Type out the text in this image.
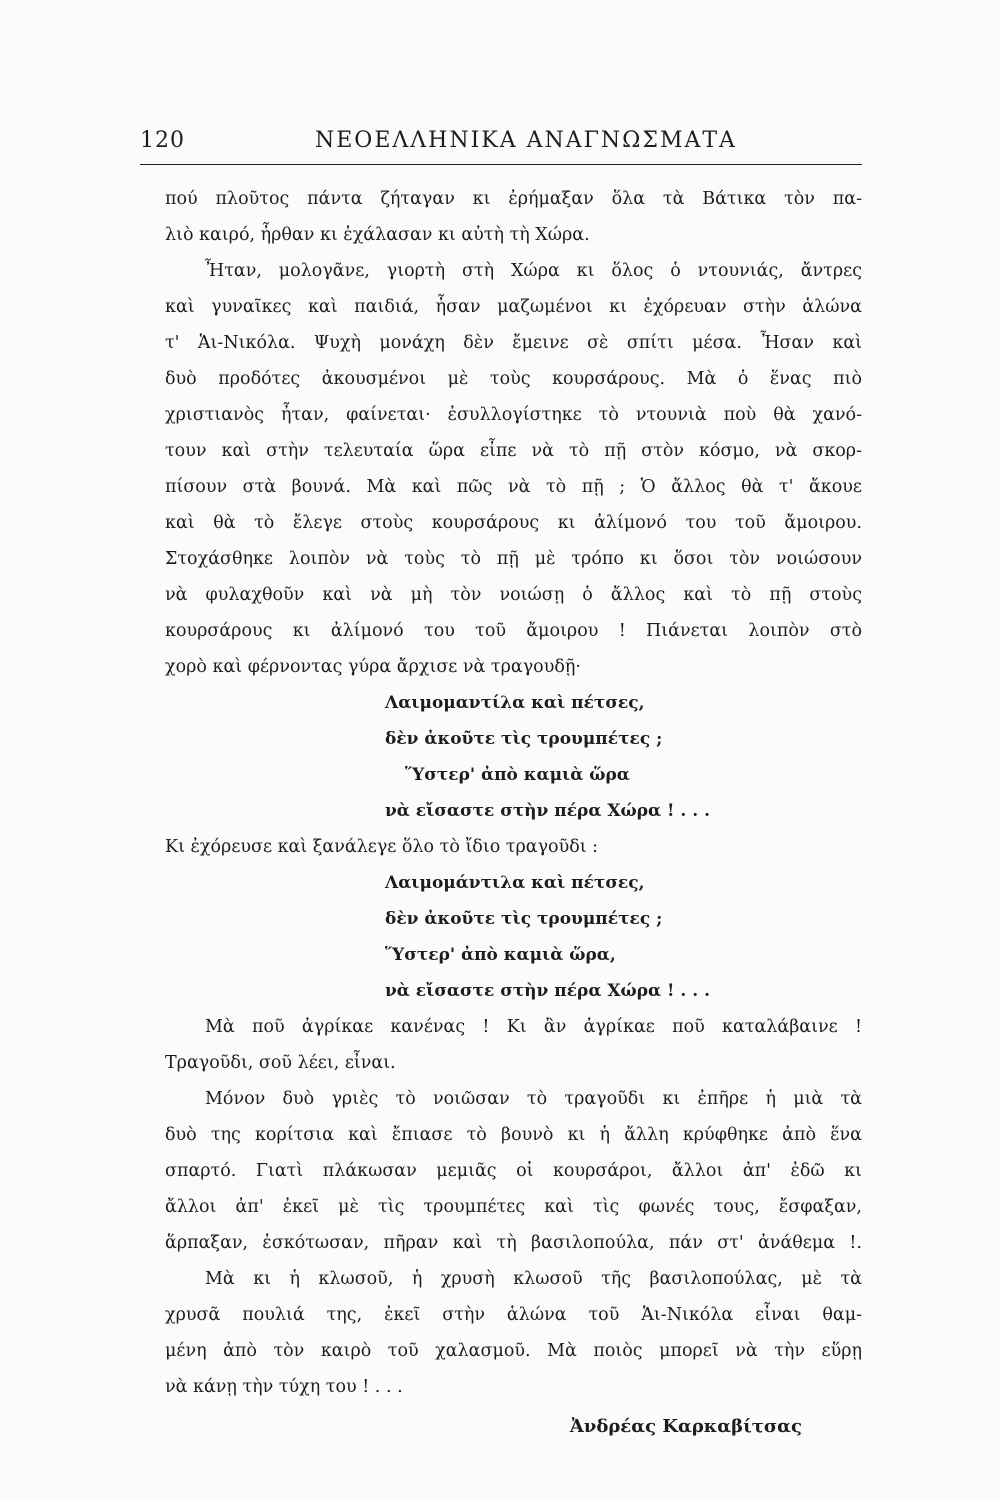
120	ΝΕΟΕΛΛΗΝΙΚΑ ΑΝΑΓΝΩΣΜΑΤΑ
πού πλοῦτος πάντα ζήταγαν κι ἐρήμαξαν ὅλα τὰ Βάτικα τὸν πα-
λιὸ καιρό, ἦρθαν κι ἐχάλασαν κι αὐτὴ τὴ Χώρα.
Ἦταν, μολογᾶνε, γιορτὴ στὴ Χώρα κι ὅλος ὁ ντουνιάς, ἄντρες
καὶ γυναῖκες καὶ παιδιά, ἦσαν μαζωμένοι κι ἐχόρευαν στὴν ἁλώνα
τ' Ἁι-Νικόλα. Ψυχὴ μονάχη δὲν ἔμεινε σὲ σπίτι μέσα. Ἦσαν καὶ
δυὸ προδότες ἀκουσμένοι μὲ τοὺς κουρσάρους. Μὰ ὁ ἕνας πιὸ
χριστιανὸς ἦταν, φαίνεται· ἐσυλλογίστηκε τὸ ντουνιὰ ποὺ θὰ χανό-
τουν καὶ στὴν τελευταία ὥρα εἶπε νὰ τὸ πῇ στὸν κόσμο, νὰ σκορ-
πίσουν στὰ βουνά. Μὰ καὶ πῶς νὰ τὸ πῇ ; Ὁ ἄλλος θὰ τ' ἄκουε
καὶ θὰ τὸ ἔλεγε στοὺς κουρσάρους κι ἀλίμονό του τοῦ ἄμοιρου.
Στοχάσθηκε λοιπὸν νὰ τοὺς τὸ πῇ μὲ τρόπο κι ὅσοι τὸν νοιώσουν
νὰ φυλαχθοῦν καὶ νὰ μὴ τὸν νοιώσῃ ὁ ἄλλος καὶ τὸ πῇ στοὺς
κουρσάρους κι ἀλίμονό του τοῦ ἄμοιρου ! Πιάνεται λοιπὸν στὸ
χορὸ καὶ φέρνοντας γύρα ἄρχισε νὰ τραγουδῇ·
Λαιμομαντίλα καὶ πέτσες,
δὲν ἀκοῦτε τὶς τρουμπέτες ;
Ὕστερ' ἀπὸ καμιὰ ὥρα
νὰ εἴσαστε στὴν πέρα Χώρα ! . . .
Κι ἐχόρευσε καὶ ξανάλεγε ὅλο τὸ ἴδιο τραγοῦδι :
Λαιμομάντιλα καὶ πέτσες,
δὲν ἀκοῦτε τὶς τρουμπέτες ;
Ὕστερ' ἀπὸ καμιὰ ὥρα,
νὰ εἴσαστε στὴν πέρα Χώρα ! . . .
Μὰ ποῦ ἀγρίκαε κανένας ! Κι ἂν ἀγρίκαε ποῦ καταλάβαινε !
Τραγοῦδι, σοῦ λέει, εἶναι.
Μόνον δυὸ γριὲς τὸ νοιῶσαν τὸ τραγοῦδι κι ἐπῆρε ἡ μιὰ τὰ
δυὸ της κορίτσια καὶ ἔπιασε τὸ βουνὸ κι ἡ ἄλλη κρύφθηκε ἀπὸ ἕνα
σπαρτό. Γιατὶ πλάκωσαν μεμιᾶς οἱ κουρσάροι, ἄλλοι ἀπ' ἐδῶ κι
ἄλλοι ἀπ' ἐκεῖ μὲ τὶς τρουμπέτες καὶ τὶς φωνές τους, ἔσφαξαν,
ἅρπαξαν, ἐσκότωσαν, πῆραν καὶ τὴ βασιλοπούλα, πάν στ' ἀνάθεμα !.
Μὰ κι ἡ κλωσοῦ, ἡ χρυσὴ κλωσοῦ τῆς βασιλοπούλας, μὲ τὰ
χρυσᾶ πουλιά της, ἐκεῖ στὴν ἁλώνα τοῦ Ἁι-Νικόλα εἶναι θαμ-
μένη ἀπὸ τὸν καιρὸ τοῦ χαλασμοῦ. Μὰ ποιὸς μπορεῖ νὰ τὴν εὕρῃ
νὰ κάνῃ τὴν τύχη του ! . . .
Ἀνδρέας Καρκαβίτσας
